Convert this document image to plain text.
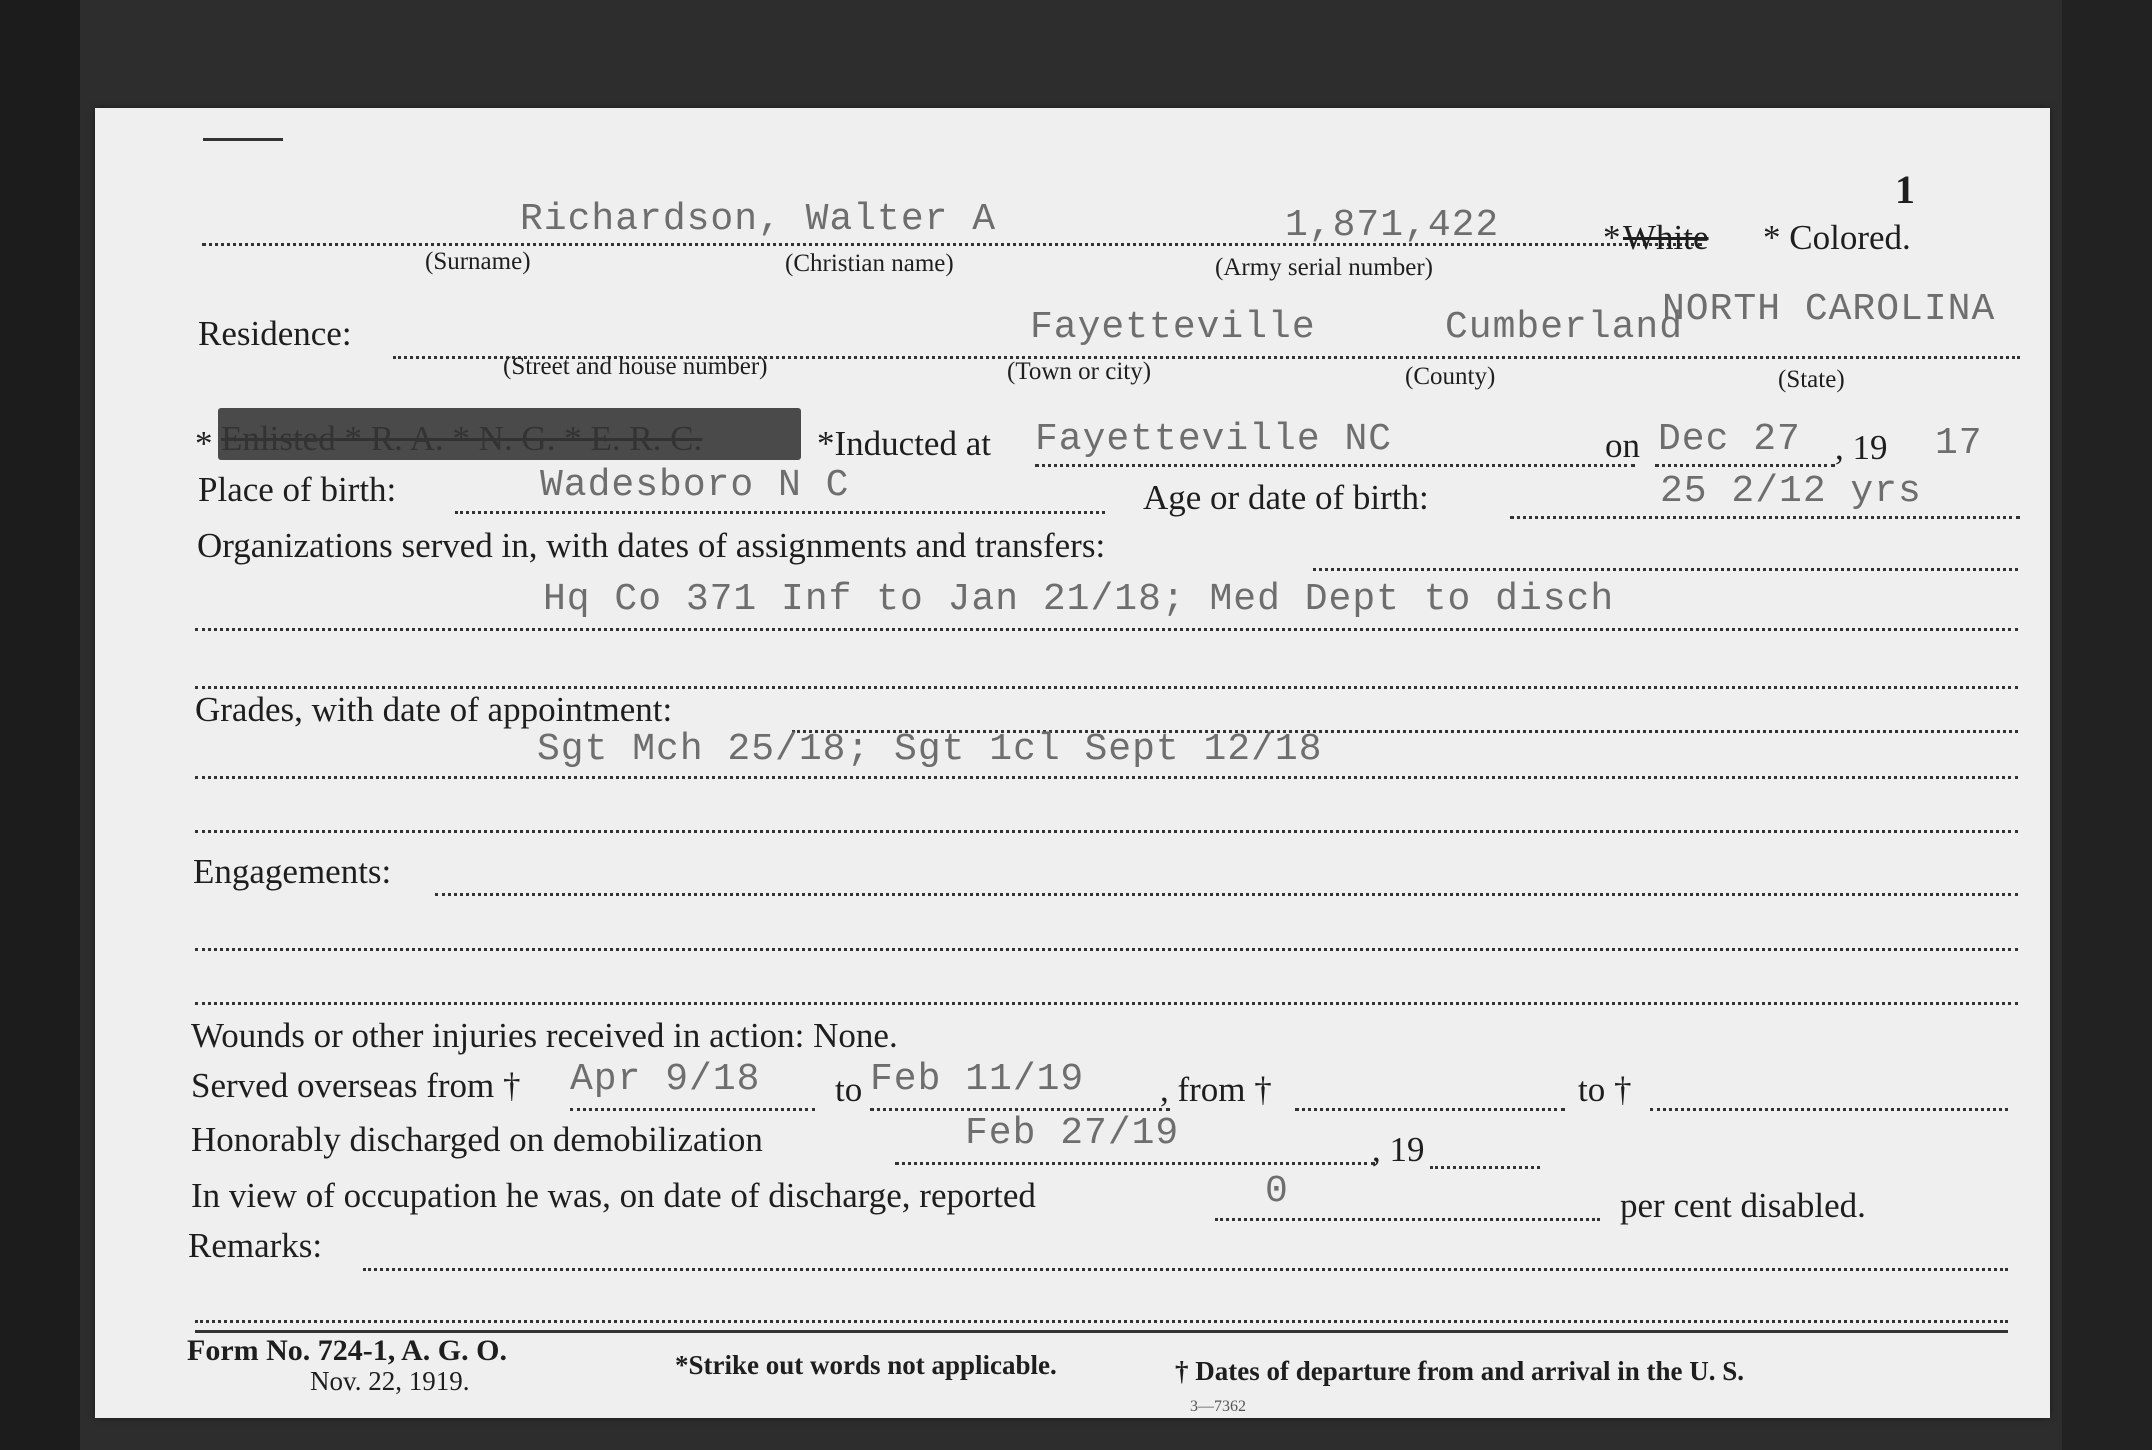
1
Richardson, Walter A	1,871,422	* White * Colored.
(Surname)	(Christian name)	(Army serial number)
Residence:	Fayetteville	Cumberland
NORTH CAROLINA
(Street and house number)	(Town or city)	(County)	(State)
* Enlisted * R. A. * N. G. * E. R. C.	*Inducted at Fayetteville NC	on Dec 27 , 19 17
Place of birth:	Wadesboro N C	Age or date of birth:	25 2/12 yrs
Organizations served in, with dates of assignments and transfers:
Hq Co 371 Inf to Jan 21/18; Med Dept to disch
Grades, with date of appointment:
Sgt Mch 25/18; Sgt 1cl Sept 12/18
Engagements:
Wounds or other injuries received in action: None.
Served overseas from † Apr 9/18 to Feb 11/19 , from †	to †
Honorably discharged on demobilization	Feb 27/19	, 19
In view of occupation he was, on date of discharge, reported	0	per cent disabled.
Remarks:
Form No. 724-1, A. G. O.
Nov. 22, 1919.
*Strike out words not applicable.	† Dates of departure from and arrival in the U. S.
3—7362
